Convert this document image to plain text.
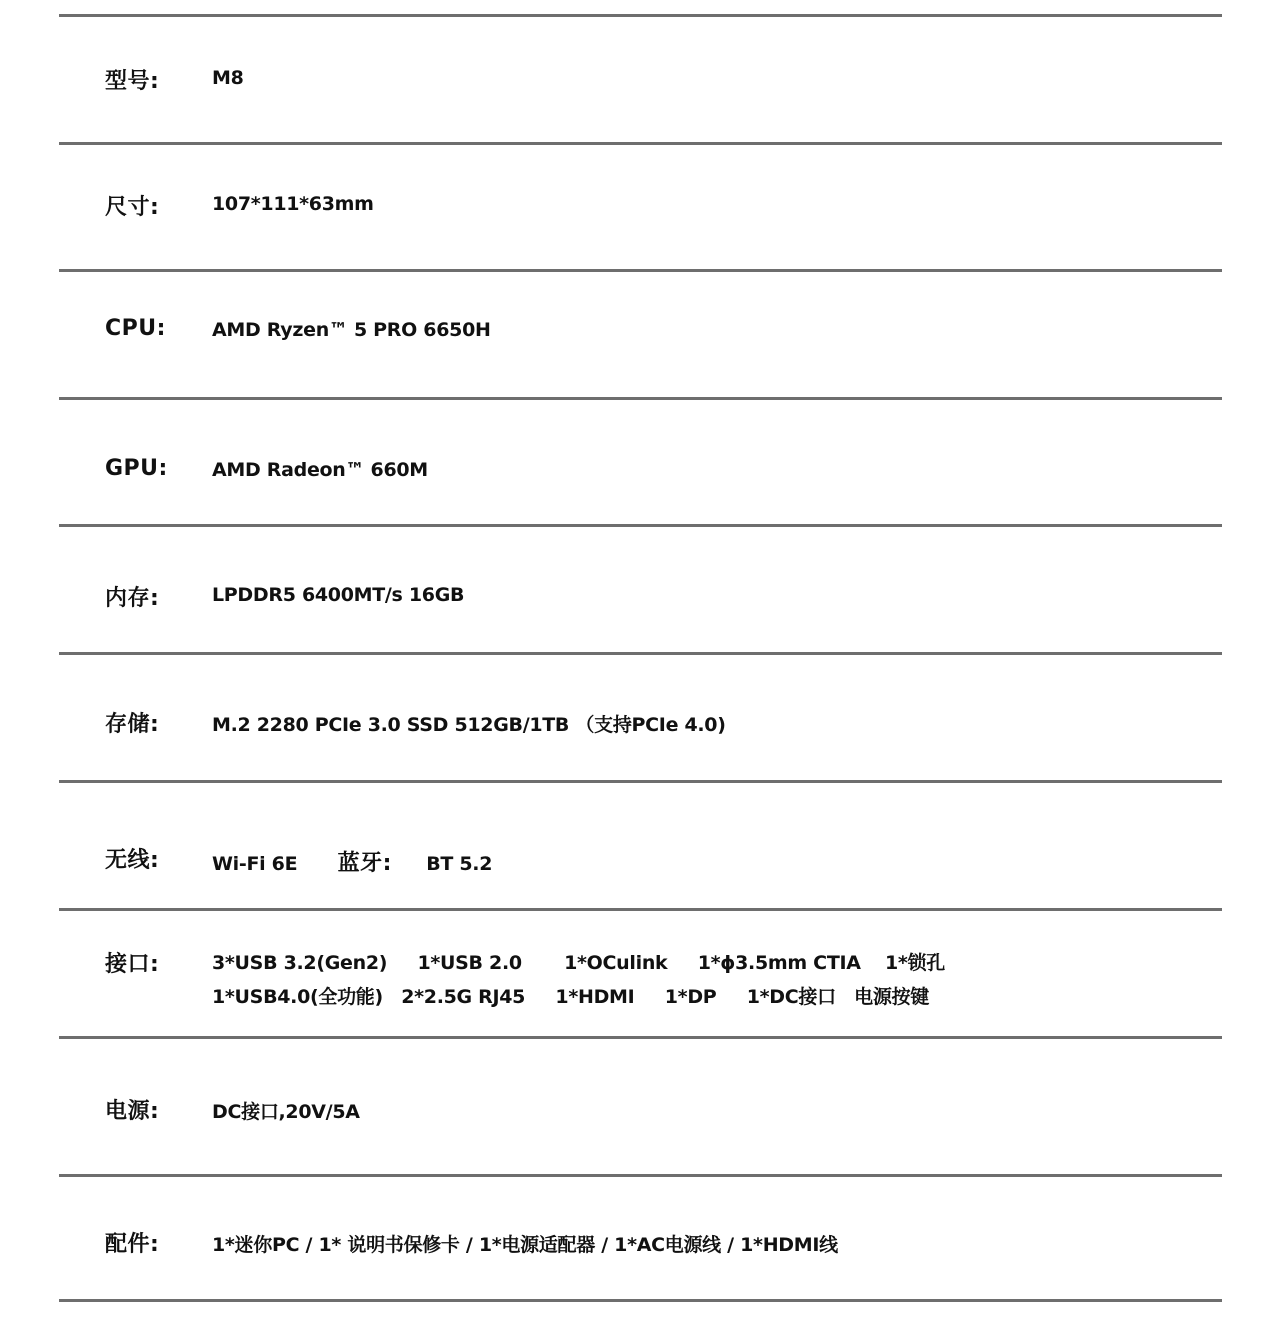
型号:	M8
尺寸:	107*111*63mm
CPU: AMD Ryzen™ 5 PRO 6650H
GPU: AMD Radeon™ 660M
内存:	LPDDR5 6400MT/s 16GB
存储:	M.2 2280 PCIe 3.0 SSD 512GB/1TB （支持PCIe 4.0)
无线:	Wi-Fi 6E 蓝牙: BT 5.2
接口:	3*USB 3.2(Gen2) 1*USB 2.0 1*OCulink 1*ϕ3.5mm CTIA 1*锁孔
1*USB4.0(全功能) 2*2.5G RJ45 1*HDMI 1*DP 1*DC接口 电源按键
电源:	DC接口,20V/5A
配件:	1*迷你PC / 1* 说明书保修卡 / 1*电源适配器 / 1*AC电源线 / 1*HDMI线
